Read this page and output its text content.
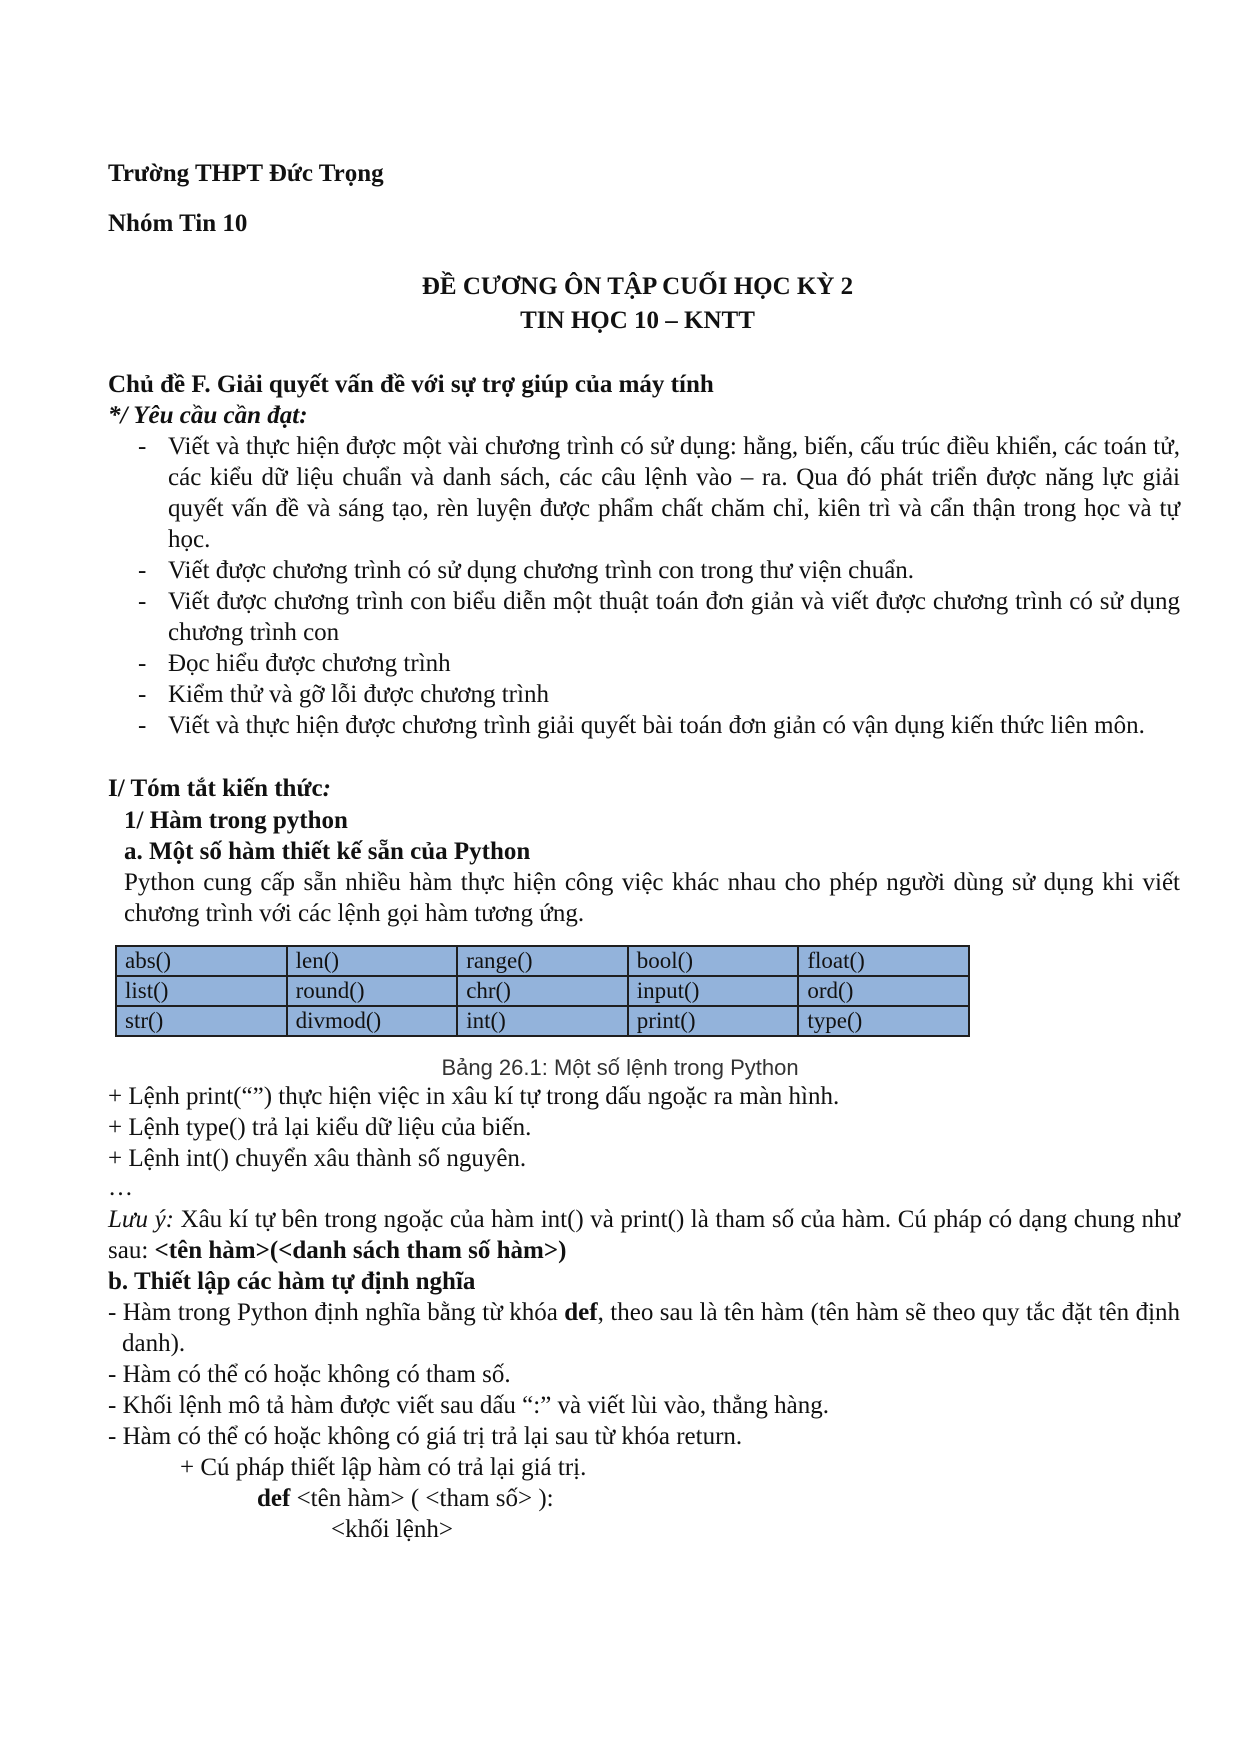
Trường THPT Đức Trọng
Nhóm Tin 10
ĐỀ CƯƠNG ÔN TẬP CUỐI HỌC KỲ 2
TIN HỌC 10 – KNTT
Chủ đề F. Giải quyết vấn đề với sự trợ giúp của máy tính
*/ Yêu cầu cần đạt:
- Viết và thực hiện được một vài chương trình có sử dụng: hằng, biến, cấu trúc điều khiển, các toán tử, các kiểu dữ liệu chuẩn và danh sách, các câu lệnh vào – ra. Qua đó phát triển được năng lực giải quyết vấn đề và sáng tạo, rèn luyện được phẩm chất chăm chỉ, kiên trì và cẩn thận trong học và tự học.
- Viết được chương trình có sử dụng chương trình con trong thư viện chuẩn.
- Viết được chương trình con biểu diễn một thuật toán đơn giản và viết được chương trình có sử dụng chương trình con
- Đọc hiểu được chương trình
- Kiểm thử và gỡ lỗi được chương trình
- Viết và thực hiện được chương trình giải quyết bài toán đơn giản có vận dụng kiến thức liên môn.
I/ Tóm tắt kiến thức:
1/ Hàm trong python
a. Một số hàm thiết kế sẵn của Python
Python cung cấp sẵn nhiều hàm thực hiện công việc khác nhau cho phép người dùng sử dụng khi viết chương trình với các lệnh gọi hàm tương ứng.
abs()	len()	range()	bool()	float()
list()	round()	chr()	input()	ord()
str()	divmod()	int()	print()	type()
Bảng 26.1: Một số lệnh trong Python
+ Lệnh print(“”) thực hiện việc in xâu kí tự trong dấu ngoặc ra màn hình.
+ Lệnh type() trả lại kiểu dữ liệu của biến.
+ Lệnh int() chuyển xâu thành số nguyên.
…
Lưu ý: Xâu kí tự bên trong ngoặc của hàm int() và print() là tham số của hàm. Cú pháp có dạng chung như sau: <tên hàm>(<danh sách tham số hàm>)
b. Thiết lập các hàm tự định nghĩa
- Hàm trong Python định nghĩa bằng từ khóa def, theo sau là tên hàm (tên hàm sẽ theo quy tắc đặt tên định danh).
- Hàm có thể có hoặc không có tham số.
- Khối lệnh mô tả hàm được viết sau dấu “:” và viết lùi vào, thẳng hàng.
- Hàm có thể có hoặc không có giá trị trả lại sau từ khóa return.
+ Cú pháp thiết lập hàm có trả lại giá trị.
def <tên hàm> ( <tham số> ):
<khối lệnh>
